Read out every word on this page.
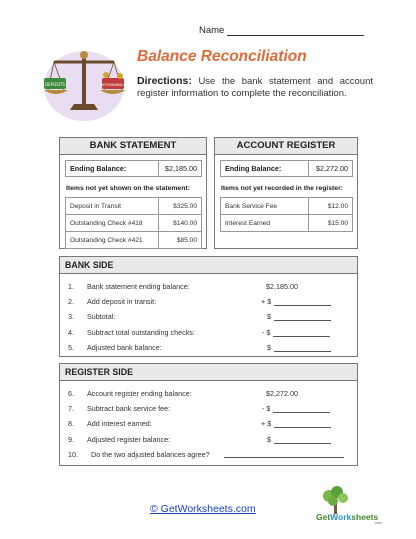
Name
DEPOSITS	WITHDRAWALS
Balance Reconciliation
Directions: Use the bank statement and account register information to complete the reconciliation.
BANK STATEMENT
Ending Balance:	$2,185.00
Items not yet shown on the statement:
Deposit in Transit	$325.00
Outstanding Check #418	$140.00
Outstanding Check #421	$85.00
ACCOUNT REGISTER
Ending Balance:	$2,272.00
Items not yet recorded in the register:
Bank Service Fee	$12.00
Interest Earned	$15.00
BANK SIDE
1. Bank statement ending balance:	$2,185.00
2. Add deposit in transit:	+ $
3. Subtotal:	$
4. Subtract total outstanding checks:	- $
5. Adjusted bank balance:	$
REGISTER SIDE
6. Account register ending balance:	$2,272.00
7. Subtract bank service fee:	- $
8. Add interest earned:	+ $
9. Adjusted register balance:	$
10. Do the two adjusted balances agree?
© GetWorksheets.com
GetWorksheets
.com
